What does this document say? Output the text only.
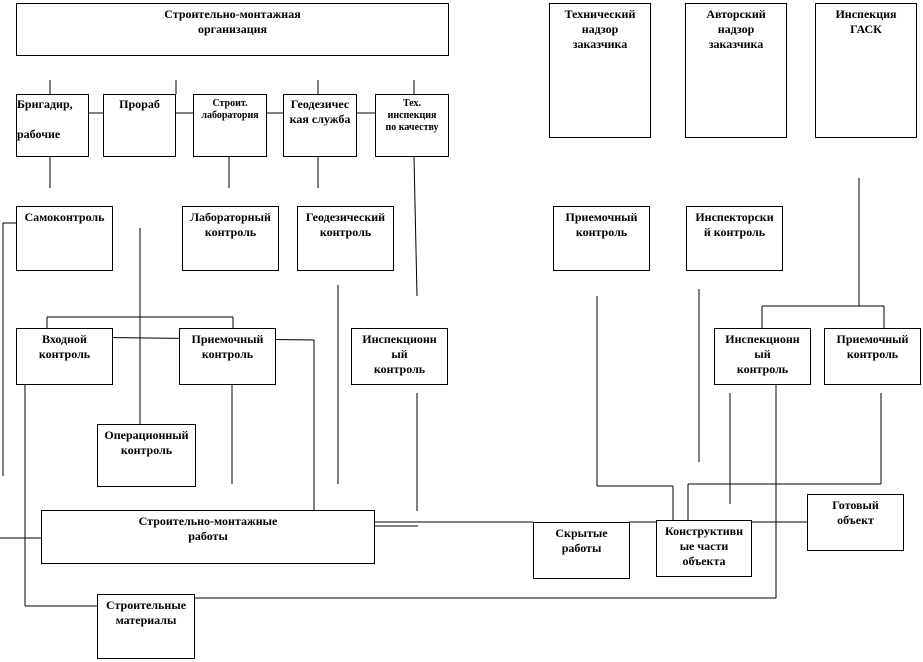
Строительно-монтажная
организация
Технический
надзор
заказчика
Авторский
надзор
заказчика
Инспекция
ГАСК
Бригадир,

рабочие
Прораб	Строит.
лаборатория
Геодезичес
кая служба
Тех.
инспекция
по качеству
Самоконтроль	Лабораторный
контроль
Геодезический
контроль
Приемочный
контроль
Инспекторски
й контроль
Входной
контроль
Приемочный
контроль
Инспекционн
ый
контроль
Инспекционн
ый
контроль
Приемочный
контроль
Операционный
контроль
Строительно-монтажные
работы	Скрытые
работы
Конструктивн
ые части
объекта
Готовый
объект
Строительные
материалы
